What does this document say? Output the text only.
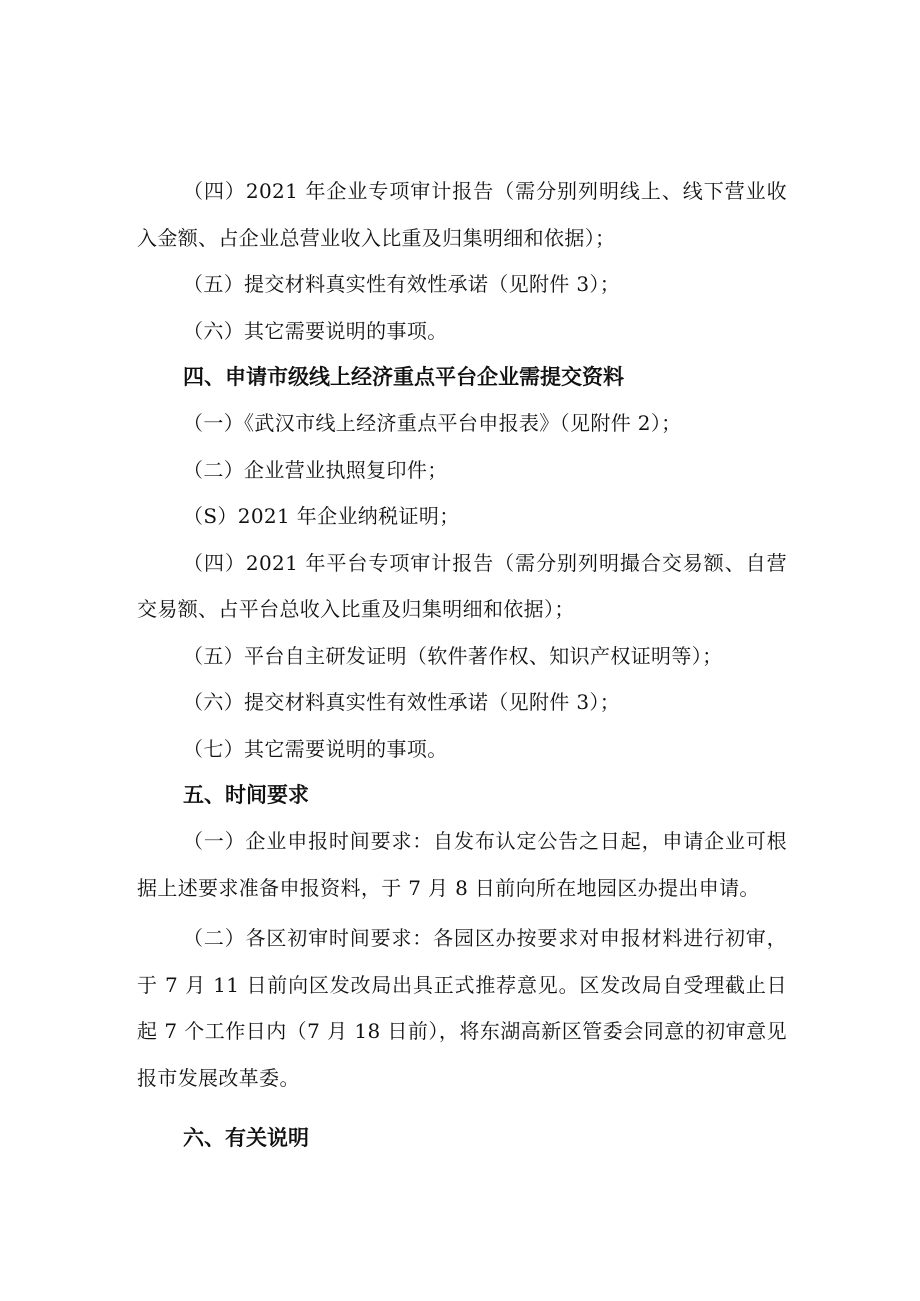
（四）2021 年企业专项审计报告（需分别列明线上、线下营业收入金额、占企业总营业收入比重及归集明细和依据）；

（五）提交材料真实性有效性承诺（见附件 3）；

（六）其它需要说明的事项。

四、申请市级线上经济重点平台企业需提交资料

（一）《武汉市线上经济重点平台申报表》（见附件 2）；

（二）企业营业执照复印件；

（S）2021 年企业纳税证明；

（四）2021 年平台专项审计报告（需分别列明撮合交易额、自营交易额、占平台总收入比重及归集明细和依据）；

（五）平台自主研发证明（软件著作权、知识产权证明等）；

（六）提交材料真实性有效性承诺（见附件 3）；

（七）其它需要说明的事项。

五、时间要求

（一）企业申报时间要求：自发布认定公告之日起，申请企业可根据上述要求准备申报资料，于 7 月 8 日前向所在地园区办提出申请。

（二）各区初审时间要求：各园区办按要求对申报材料进行初审，于 7 月 11 日前向区发改局出具正式推荐意见。区发改局自受理截止日起 7 个工作日内（7 月 18 日前），将东湖高新区管委会同意的初审意见报市发展改革委。

六、有关说明
